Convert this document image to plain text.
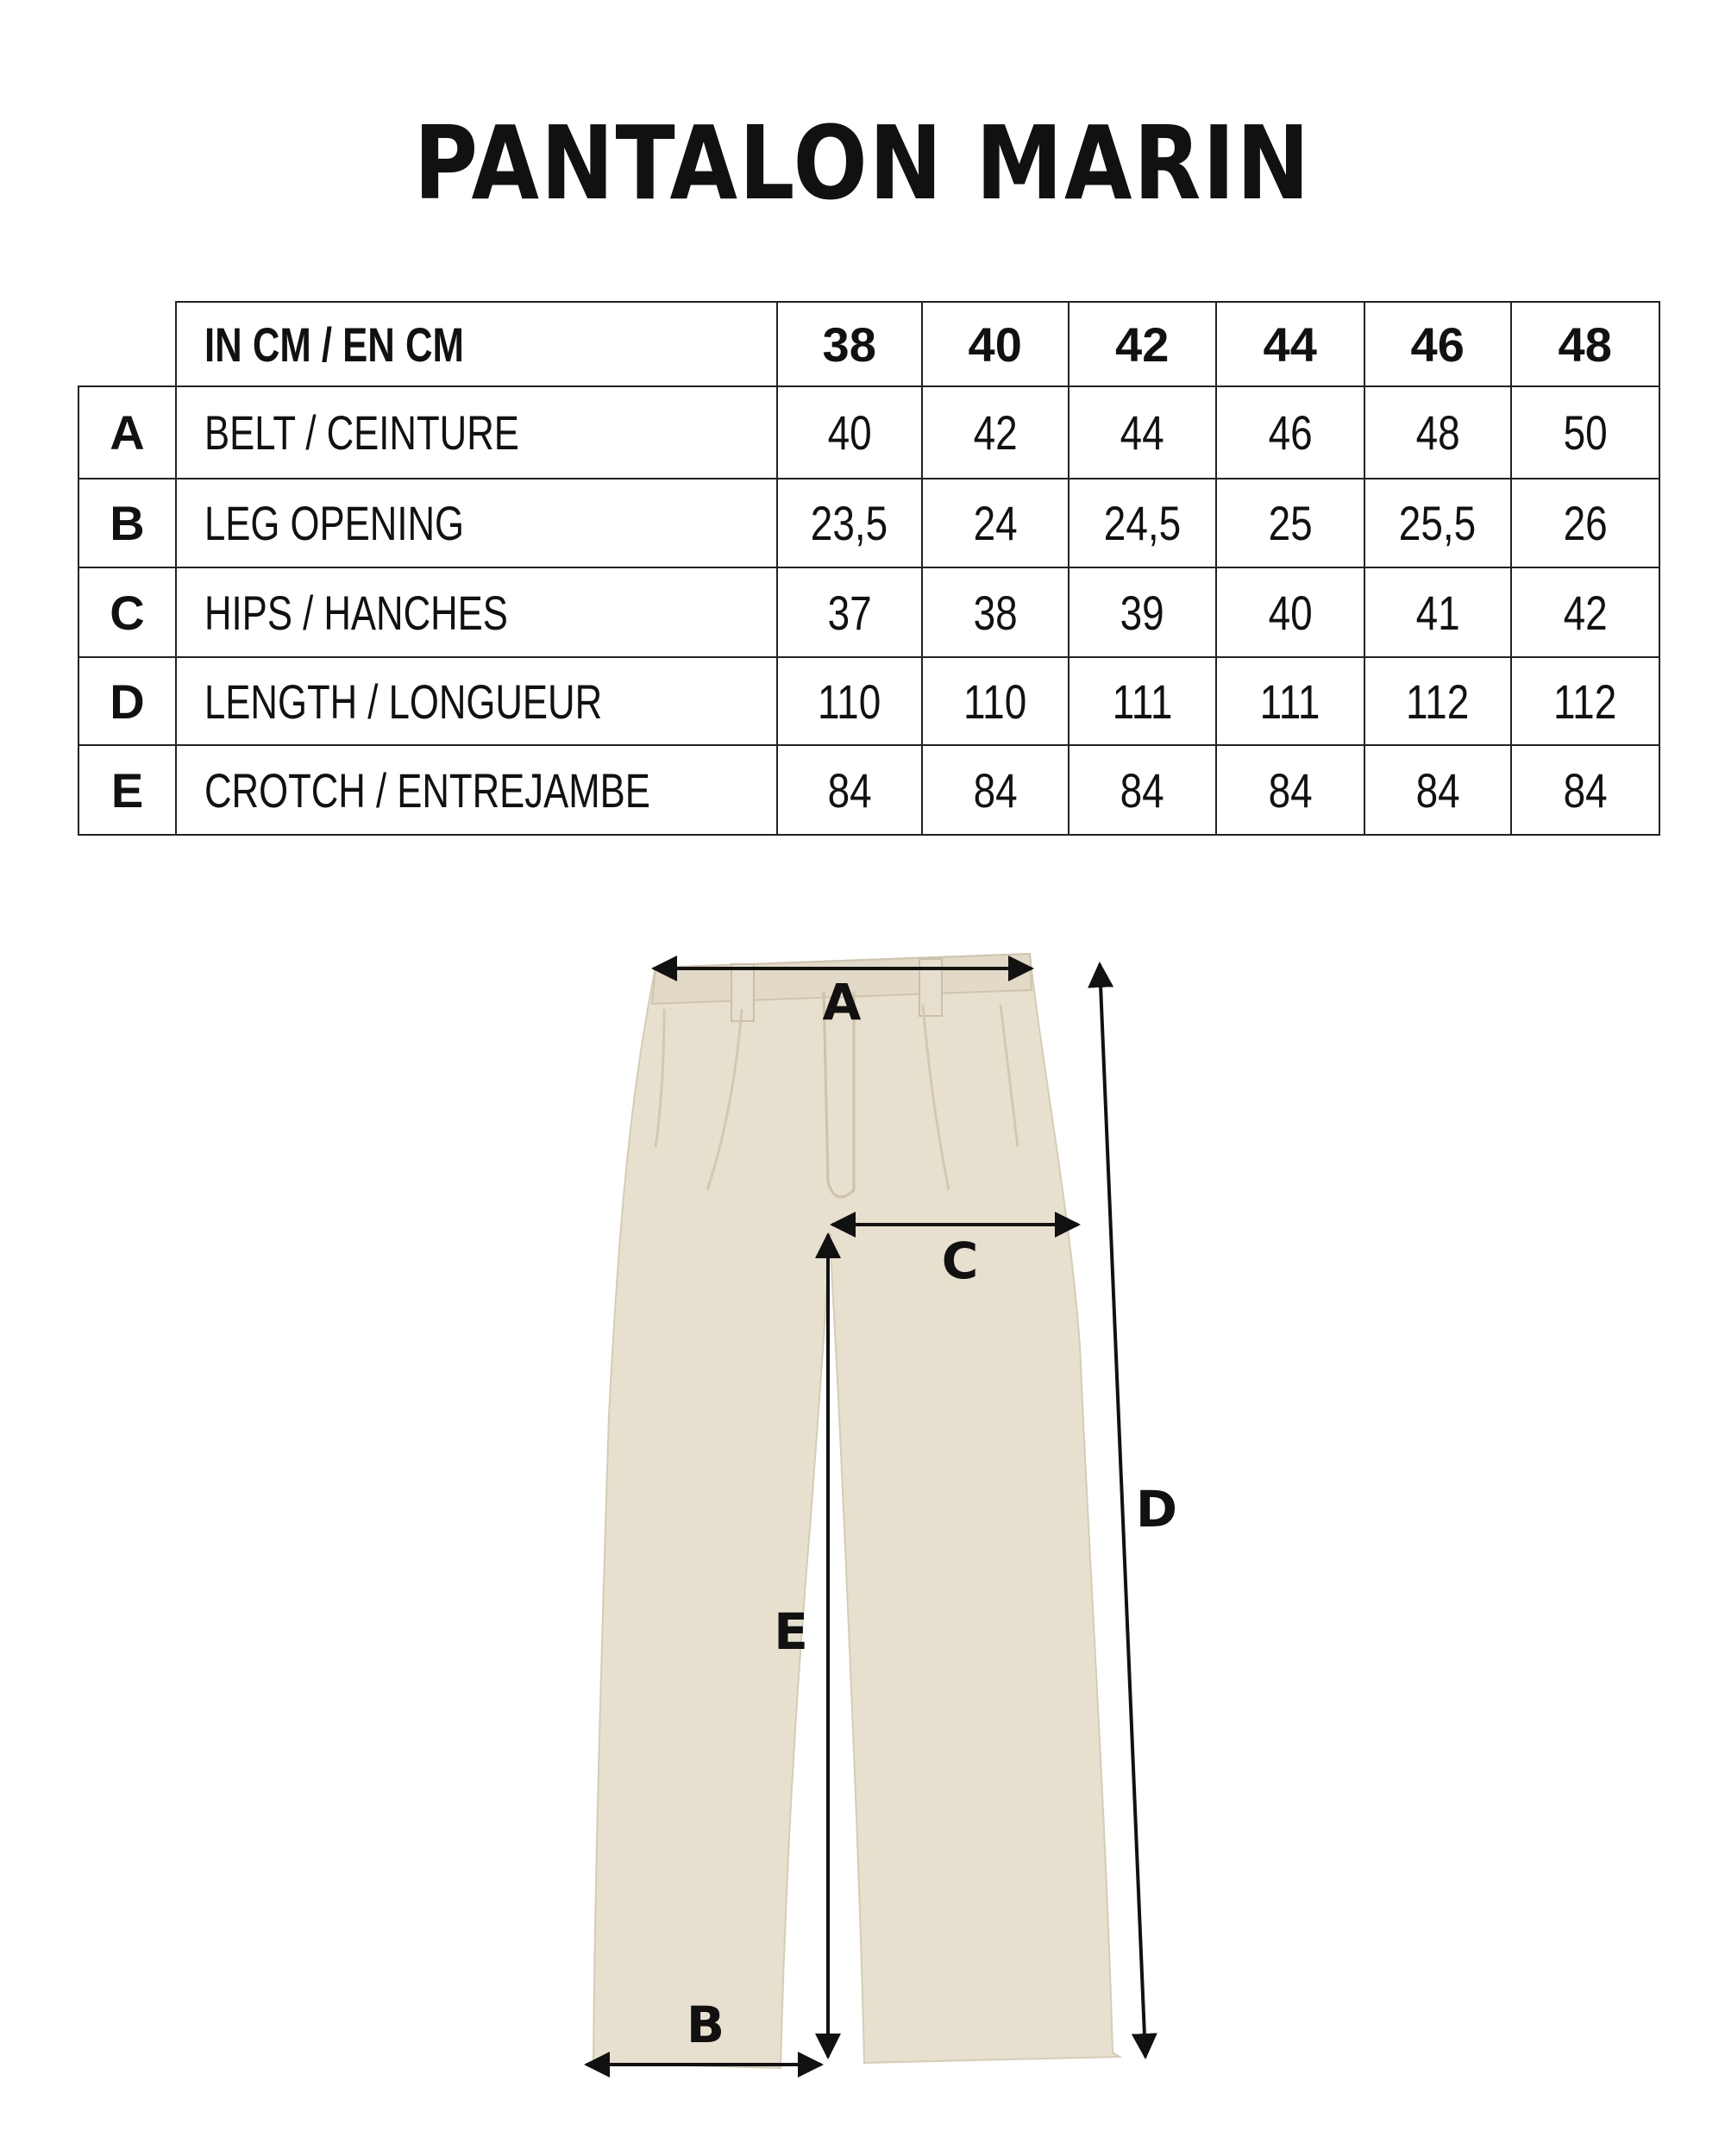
PANTALON MARIN
	IN CM / EN CM	38	40	42	44	46	48
A	BELT / CEINTURE	40	42	44	46	48	50
B	LEG OPENING	23,5	24	24,5	25	25,5	26
C	HIPS / HANCHES	37	38	39	40	41	42
D	LENGTH / LONGUEUR	110	110	111	111	112	112
E	CROTCH / ENTREJAMBE	84	84	84	84	84	84
A
C
D
E
B
